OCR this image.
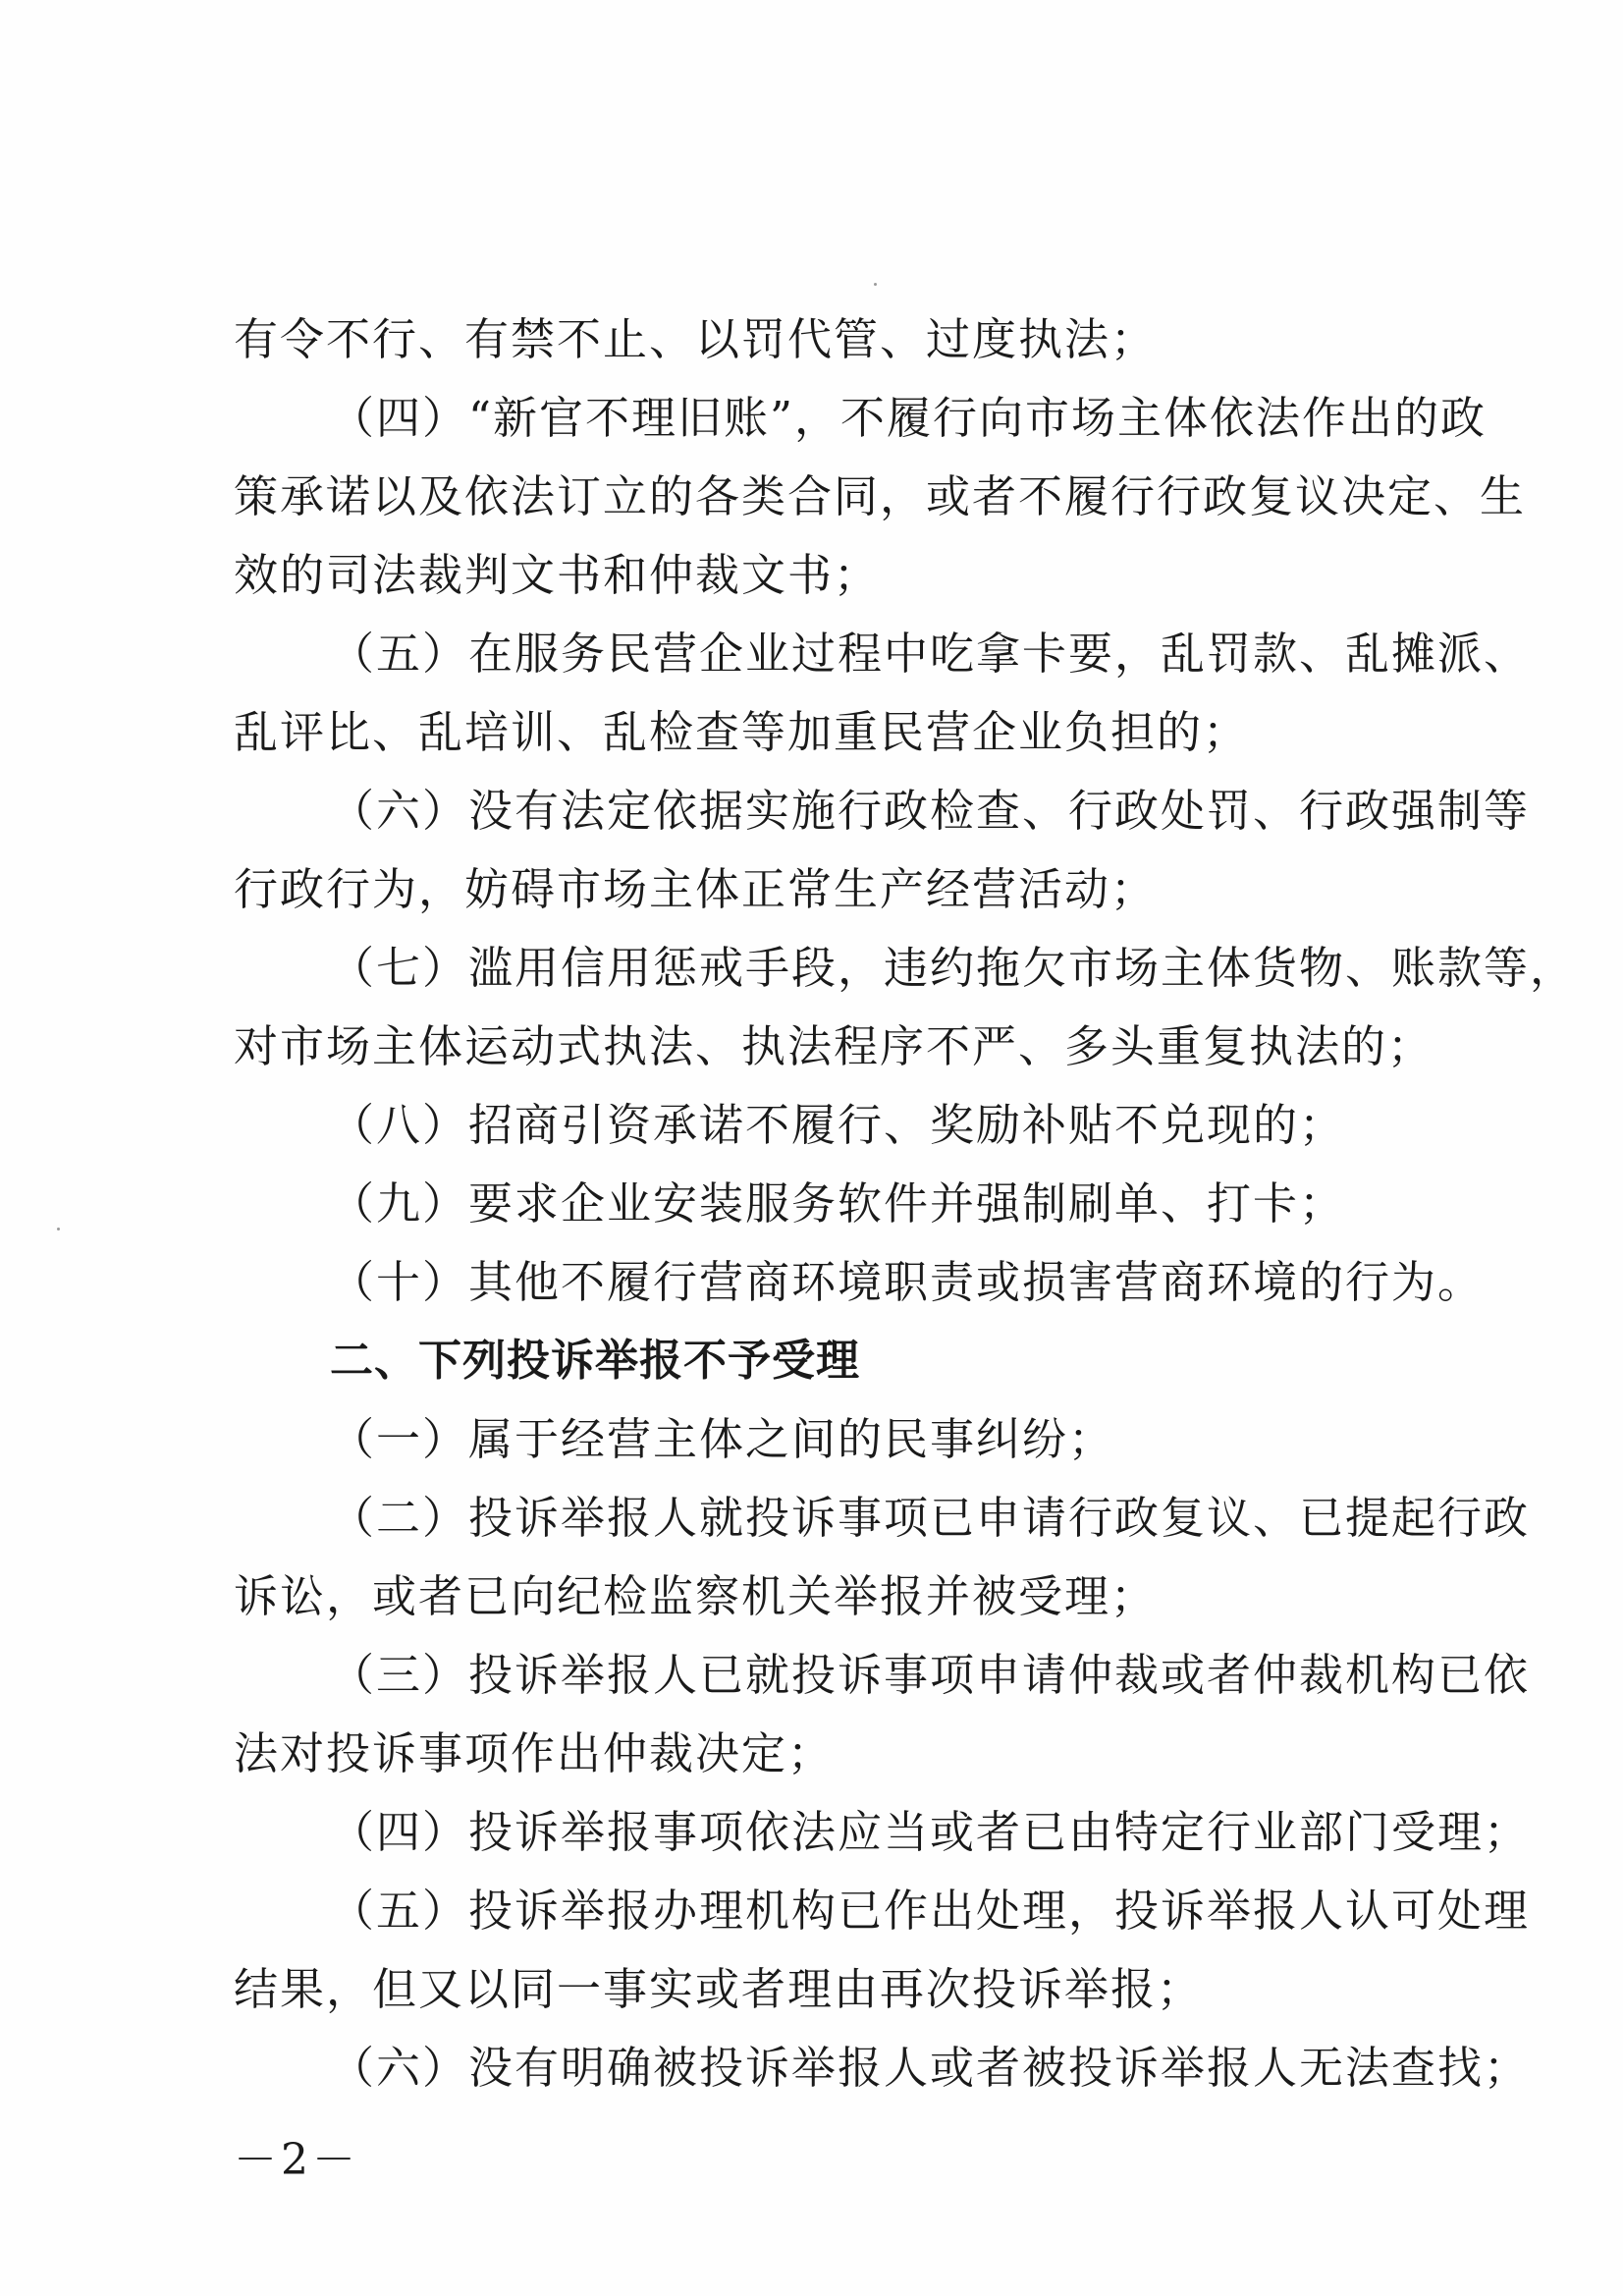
有令不行、有禁不止、以罚代管、过度执法；
（四）“新官不理旧账”，不履行向市场主体依法作出的政
策承诺以及依法订立的各类合同，或者不履行行政复议决定、生
效的司法裁判文书和仲裁文书；
（五）在服务民营企业过程中吃拿卡要，乱罚款、乱摊派、
乱评比、乱培训、乱检查等加重民营企业负担的；
（六）没有法定依据实施行政检查、行政处罚、行政强制等
行政行为，妨碍市场主体正常生产经营活动；
（七）滥用信用惩戒手段，违约拖欠市场主体货物、账款等，
对市场主体运动式执法、执法程序不严、多头重复执法的；
（八）招商引资承诺不履行、奖励补贴不兑现的；
（九）要求企业安装服务软件并强制刷单、打卡；
（十）其他不履行营商环境职责或损害营商环境的行为。
二、下列投诉举报不予受理
（一）属于经营主体之间的民事纠纷；
（二）投诉举报人就投诉事项已申请行政复议、已提起行政
诉讼，或者已向纪检监察机关举报并被受理；
（三）投诉举报人已就投诉事项申请仲裁或者仲裁机构已依
法对投诉事项作出仲裁决定；
（四）投诉举报事项依法应当或者已由特定行业部门受理；
（五）投诉举报办理机构已作出处理，投诉举报人认可处理
结果，但又以同一事实或者理由再次投诉举报；
（六）没有明确被投诉举报人或者被投诉举报人无法查找；
－2－
